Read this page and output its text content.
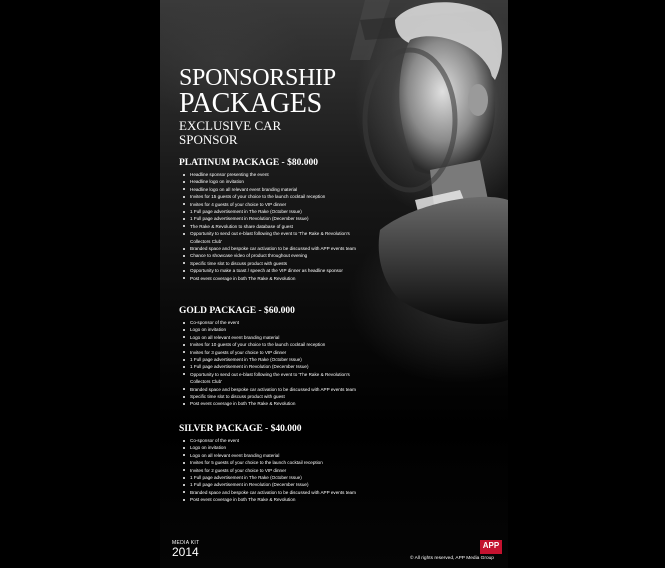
SPONSORSHIP
PACKAGES
EXCLUSIVE CAR
SPONSOR
PLATINUM PACKAGE - $80.000
Headline sponsor presenting the event
Headline logo on invitation
Headline logo on all relevant event branding material
Invites for 15 guests of your choice to the launch cocktail reception
Invites for 4 guests of your choice to VIP dinner
1 Full page advertisement in The Rake (October Issue)
1 Full page advertisement in Revolution (December Issue)
The Rake & Revolution to share database of guest
Opportunity to send out e-blast following the event to 'The Rake & Revolution's Collectors Club'
Branded space and bespoke car activation to be discussed with APP events team
Chance to showcase video of product throughout evening
Specific time slot to discuss product with guests
Opportunity to make a toast / speech at the VIP dinner as headline sponsor
Post event coverage in both The Rake & Revolution
GOLD PACKAGE - $60.000
Co-sponsor of the event
Logo on invitation
Logo on all relevant event branding material
Invites for 10 guests of your choice to the launch cocktail reception
Invites for 3 guests of your choice to VIP dinner
1 Full page advertisement in The Rake (October Issue)
1 Full page advertisement in Revolution (December Issue)
Opportunity to send out e-blast following the event to 'The Rake & Revolution's Collectors Club'
Branded space and bespoke car activation to be discussed with APP events team
Specific time slot to discuss product with guest
Post event coverage in both The Rake & Revolution
SILVER PACKAGE - $40.000
Co-sponsor of the event
Logo on invitation
Logo on all relevant event branding material
Invites for 5 guests of your choice to the launch cocktail reception
Invites for 2 guests of your choice to VIP dinner
1 Full page advertisement in The Rake (October Issue)
1 Full page advertisement in Revolution (December Issue)
Branded space and bespoke car activation to be discussed with APP events team
Post event coverage in both The Rake & Revolution
MEDIA KIT
2014	APP
© All rights reserved, APP Media Group
